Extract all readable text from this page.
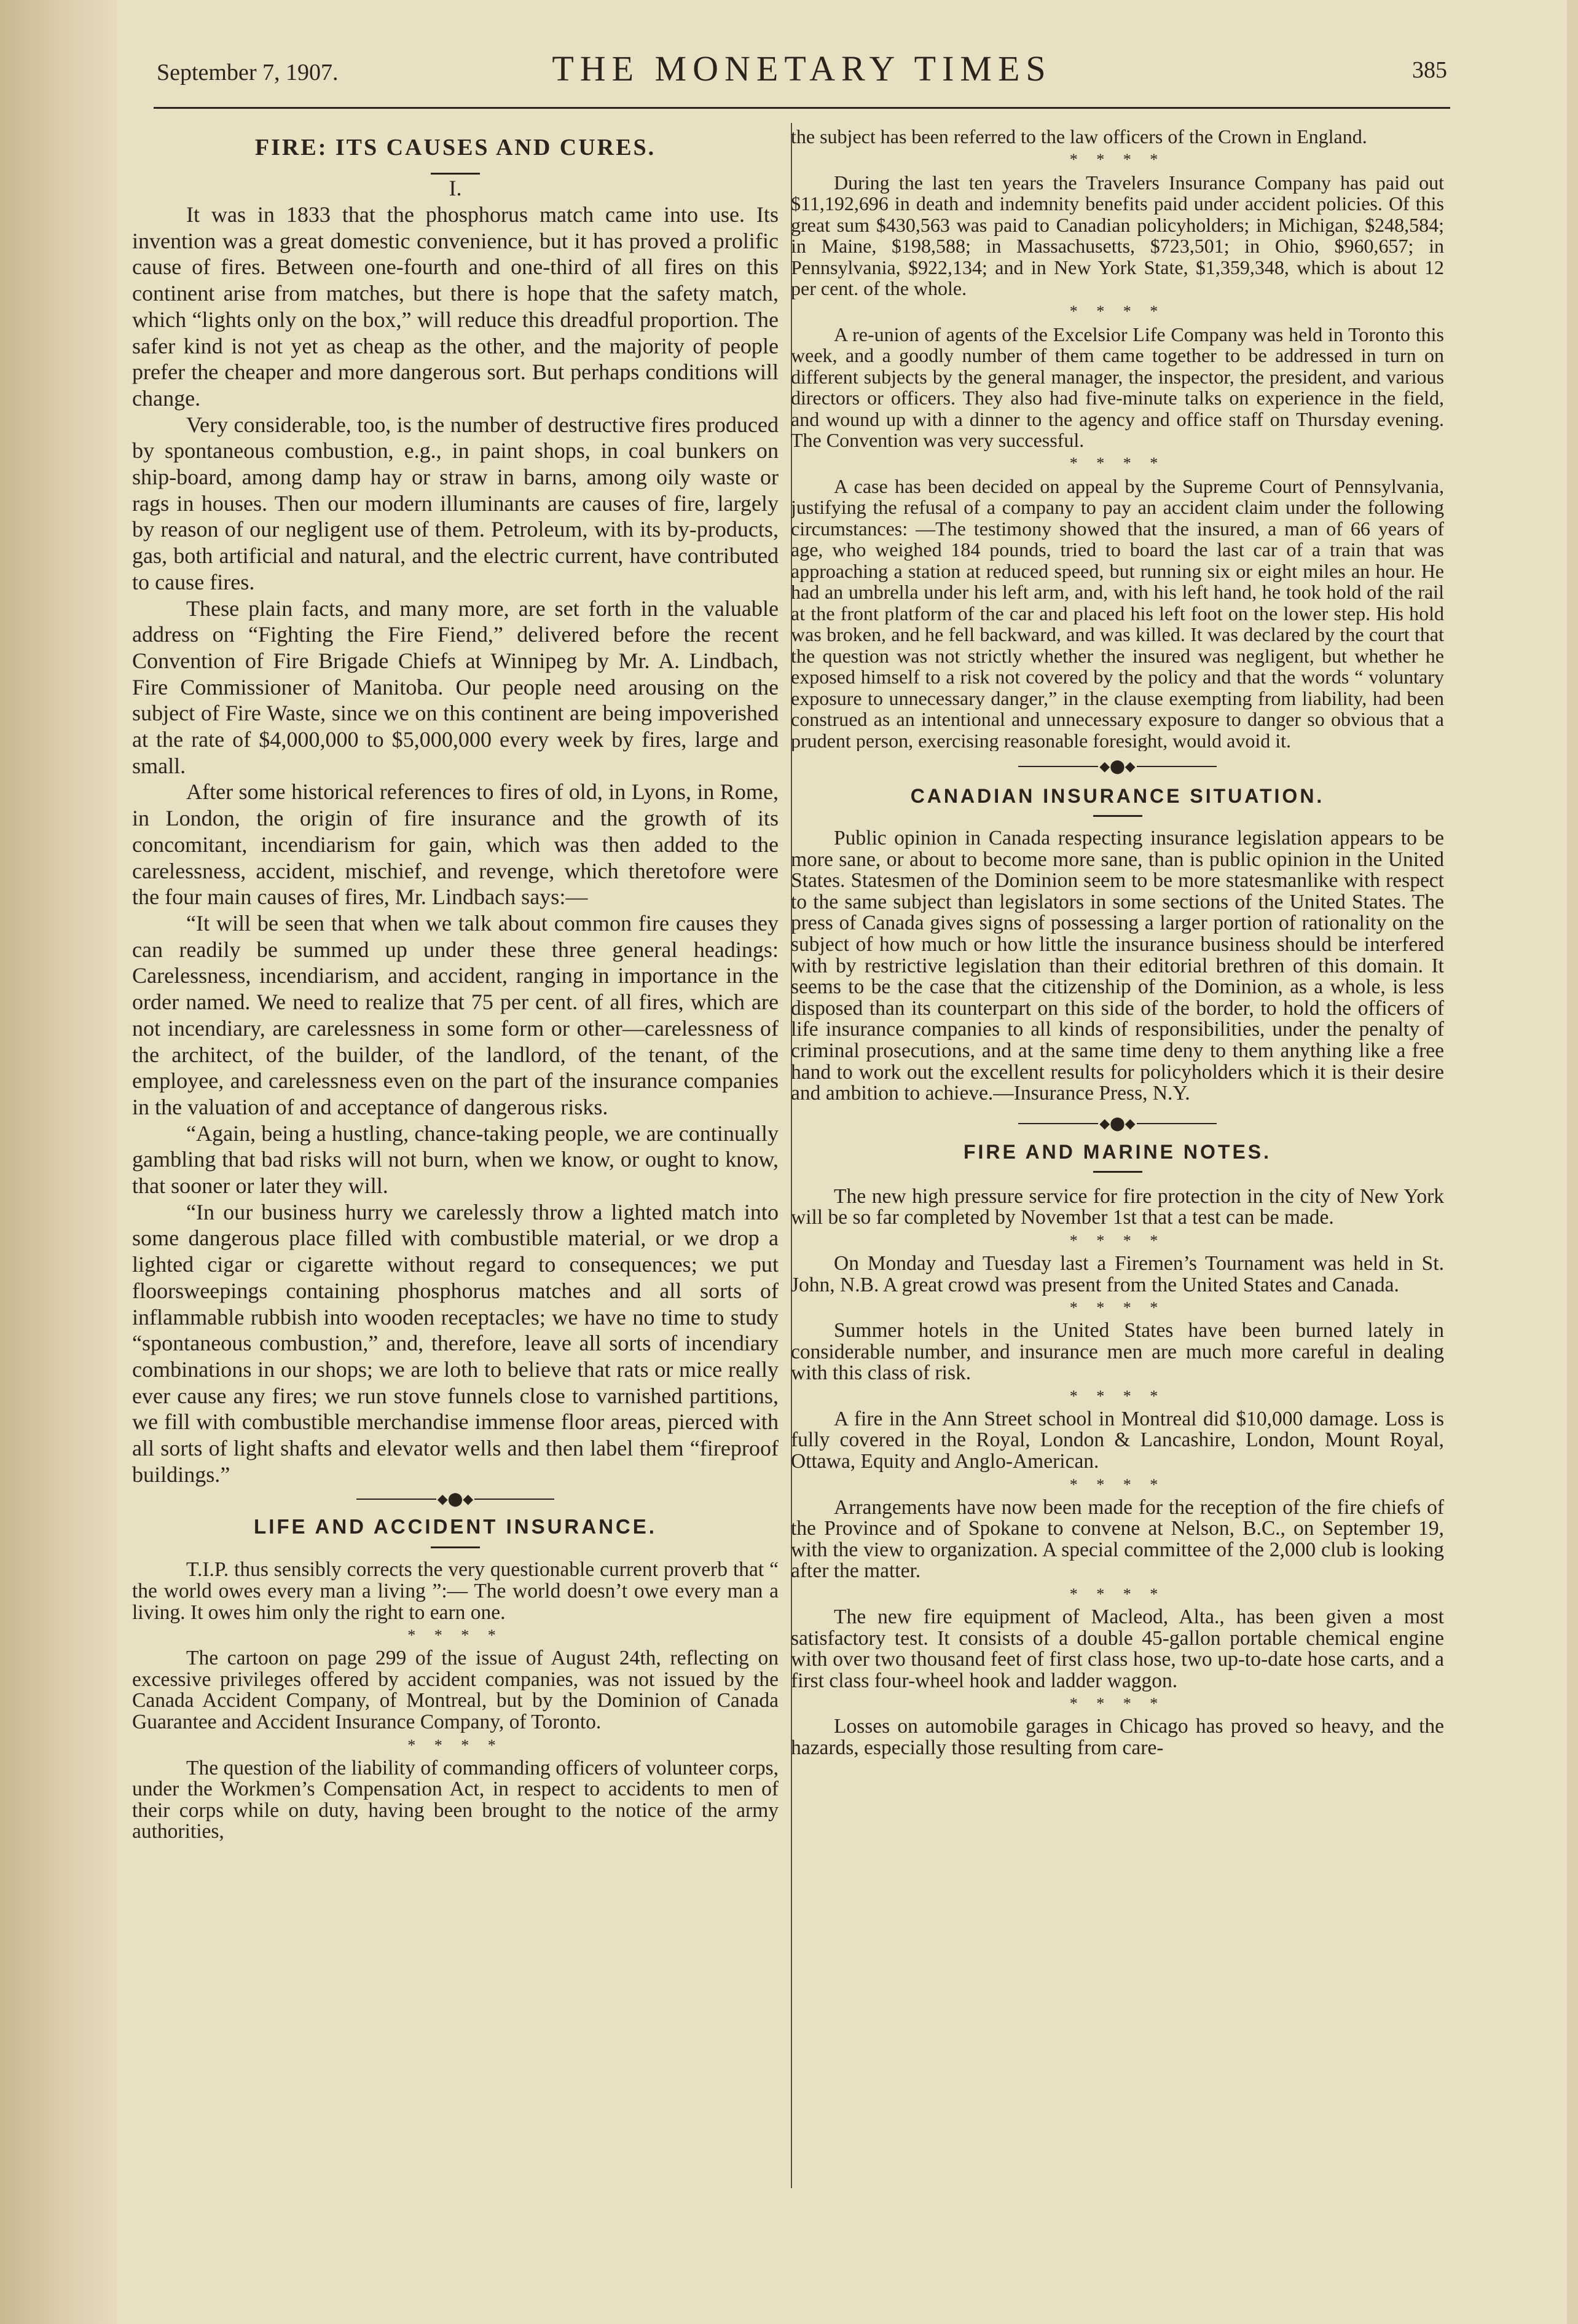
September 7, 1907.	THE MONETARY TIMES	385
FIRE: ITS CAUSES AND CURES.
I.

It was in 1833 that the phosphorus match came into use. Its invention was a great domestic convenience, but it has proved a prolific cause of fires. Between one-fourth and one-third of all fires on this continent arise from matches, but there is hope that the safety match, which “lights only on the box,” will reduce this dreadful proportion. The safer kind is not yet as cheap as the other, and the majority of people prefer the cheaper and more dangerous sort. But perhaps conditions will change.

Very considerable, too, is the number of destructive fires produced by spontaneous combustion, e.g., in paint shops, in coal bunkers on ship-board, among damp hay or straw in barns, among oily waste or rags in houses. Then our modern illuminants are causes of fire, largely by reason of our negligent use of them. Petroleum, with its by-products, gas, both artificial and natural, and the electric current, have contributed to cause fires.

These plain facts, and many more, are set forth in the valuable address on “Fighting the Fire Fiend,” delivered before the recent Convention of Fire Brigade Chiefs at Winnipeg by Mr. A. Lindbach, Fire Commissioner of Manitoba. Our people need arousing on the subject of Fire Waste, since we on this continent are being impoverished at the rate of $4,000,000 to $5,000,000 every week by fires, large and small.

After some historical references to fires of old, in Lyons, in Rome, in London, the origin of fire insurance and the growth of its concomitant, incendiarism for gain, which was then added to the carelessness, accident, mischief, and revenge, which theretofore were the four main causes of fires, Mr. Lindbach says:—

“It will be seen that when we talk about common fire causes they can readily be summed up under these three general headings: Carelessness, incendiarism, and accident, ranging in importance in the order named. We need to realize that 75 per cent. of all fires, which are not incendiary, are carelessness in some form or other—carelessness of the architect, of the builder, of the landlord, of the tenant, of the employee, and carelessness even on the part of the insurance companies in the valuation of and acceptance of dangerous risks.

“Again, being a hustling, chance-taking people, we are continually gambling that bad risks will not burn, when we know, or ought to know, that sooner or later they will.

“In our business hurry we carelessly throw a lighted match into some dangerous place filled with combustible material, or we drop a lighted cigar or cigarette without regard to consequences; we put floorsweepings containing phosphorus matches and all sorts of inflammable rubbish into wooden receptacles; we have no time to study “spontaneous combustion,” and, therefore, leave all sorts of incendiary combinations in our shops; we are loth to believe that rats or mice really ever cause any fires; we run stove funnels close to varnished partitions, we fill with combustible merchandise immense floor areas, pierced with all sorts of light shafts and elevator wells and then label them “fireproof buildings.”

◆⬤◆
LIFE AND ACCIDENT INSURANCE.

T.I.P. thus sensibly corrects the very questionable current proverb that “ the world owes every man a living ”:— The world doesn’t owe every man a living. It owes him only the right to earn one.

* * * *

The cartoon on page 299 of the issue of August 24th, reflecting on excessive privileges offered by accident companies, was not issued by the Canada Accident Company, of Montreal, but by the Dominion of Canada Guarantee and Accident Insurance Company, of Toronto.

* * * *

The question of the liability of commanding officers of volunteer corps, under the Workmen’s Compensation Act, in respect to accidents to men of their corps while on duty, having been brought to the notice of the army authorities,

the subject has been referred to the law officers of the Crown in England.

* * * *

During the last ten years the Travelers Insurance Company has paid out $11,192,696 in death and indemnity benefits paid under accident policies. Of this great sum $430,563 was paid to Canadian policyholders; in Michigan, $248,584; in Maine, $198,588; in Massachusetts, $723,501; in Ohio, $960,657; in Pennsylvania, $922,134; and in New York State, $1,359,348, which is about 12 per cent. of the whole.

* * * *

A re-union of agents of the Excelsior Life Company was held in Toronto this week, and a goodly number of them came together to be addressed in turn on different subjects by the general manager, the inspector, the president, and various directors or officers. They also had five-minute talks on experience in the field, and wound up with a dinner to the agency and office staff on Thursday evening. The Convention was very successful.

* * * *

A case has been decided on appeal by the Supreme Court of Pennsylvania, justifying the refusal of a company to pay an accident claim under the following circumstances: —The testimony showed that the insured, a man of 66 years of age, who weighed 184 pounds, tried to board the last car of a train that was approaching a station at reduced speed, but running six or eight miles an hour. He had an umbrella under his left arm, and, with his left hand, he took hold of the rail at the front platform of the car and placed his left foot on the lower step. His hold was broken, and he fell backward, and was killed. It was declared by the court that the question was not strictly whether the insured was negligent, but whether he exposed himself to a risk not covered by the policy and that the words “ voluntary exposure to unnecessary danger,” in the clause exempting from liability, had been construed as an intentional and unnecessary exposure to danger so obvious that a prudent person, exercising reasonable foresight, would avoid it.

◆⬤◆
CANADIAN INSURANCE SITUATION.

Public opinion in Canada respecting insurance legislation appears to be more sane, or about to become more sane, than is public opinion in the United States. Statesmen of the Dominion seem to be more statesmanlike with respect to the same subject than legislators in some sections of the United States. The press of Canada gives signs of possessing a larger portion of rationality on the subject of how much or how little the insurance business should be interfered with by restrictive legislation than their editorial brethren of this domain. It seems to be the case that the citizenship of the Dominion, as a whole, is less disposed than its counterpart on this side of the border, to hold the officers of life insurance companies to all kinds of responsibilities, under the penalty of criminal prosecutions, and at the same time deny to them anything like a free hand to work out the excellent results for policyholders which it is their desire and ambition to achieve.—Insurance Press, N.Y.

◆⬤◆
FIRE AND MARINE NOTES.

The new high pressure service for fire protection in the city of New York will be so far completed by November 1st that a test can be made.

* * * *

On Monday and Tuesday last a Firemen’s Tournament was held in St. John, N.B. A great crowd was present from the United States and Canada.

* * * *

Summer hotels in the United States have been burned lately in considerable number, and insurance men are much more careful in dealing with this class of risk.

* * * *

A fire in the Ann Street school in Montreal did $10,000 damage. Loss is fully covered in the Royal, London & Lancashire, London, Mount Royal, Ottawa, Equity and Anglo-American.

* * * *

Arrangements have now been made for the reception of the fire chiefs of the Province and of Spokane to convene at Nelson, B.C., on September 19, with the view to organization. A special committee of the 2,000 club is looking after the matter.

* * * *

The new fire equipment of Macleod, Alta., has been given a most satisfactory test. It consists of a double 45-gallon portable chemical engine with over two thousand feet of first class hose, two up-to-date hose carts, and a first class four-wheel hook and ladder waggon.

* * * *

Losses on automobile garages in Chicago has proved so heavy, and the hazards, especially those resulting from care-
